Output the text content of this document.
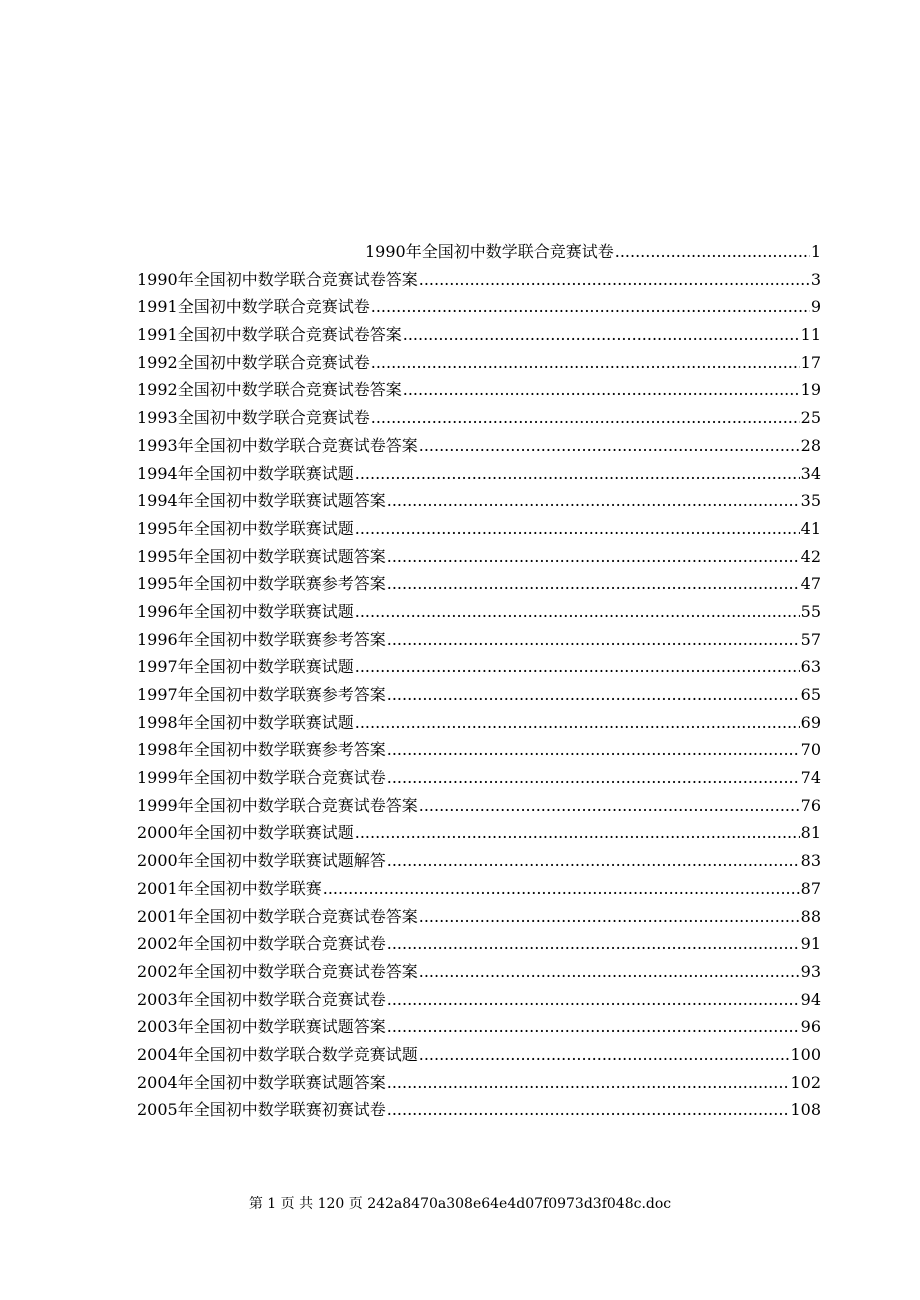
1990年全国初中数学联合竞赛试卷 .....	1
1990年全国初中数学联合竞赛试卷答案 .....	3
1991全国初中数学联合竞赛试卷 .....	9
1991全国初中数学联合竞赛试卷答案 .....	11
1992全国初中数学联合竞赛试卷 .....	17
1992全国初中数学联合竞赛试卷答案 .....	19
1993全国初中数学联合竞赛试卷 .....	25
1993年全国初中数学联合竞赛试卷答案 .....	28
1994年全国初中数学联赛试题 .....	34
1994年全国初中数学联赛试题答案 .....	35
1995年全国初中数学联赛试题 .....	41
1995年全国初中数学联赛试题答案 .....	42
1995年全国初中数学联赛参考答案 .....	47
1996年全国初中数学联赛试题 .....	55
1996年全国初中数学联赛参考答案 .....	57
1997年全国初中数学联赛试题 .....	63
1997年全国初中数学联赛参考答案 .....	65
1998年全国初中数学联赛试题 .....	69
1998年全国初中数学联赛参考答案 .....	70
1999年全国初中数学联合竞赛试卷 .....	74
1999年全国初中数学联合竞赛试卷答案 .....	76
2000年全国初中数学联赛试题 .....	81
2000年全国初中数学联赛试题解答 .....	83
2001年全国初中数学联赛 .....	87
2001年全国初中数学联合竞赛试卷答案 .....	88
2002年全国初中数学联合竞赛试卷 .....	91
2002年全国初中数学联合竞赛试卷答案 .....	93
2003年全国初中数学联合竞赛试卷 .....	94
2003年全国初中数学联赛试题答案 .....	96
2004年全国初中数学联合数学竞赛试题 .....	100
2004年全国初中数学联赛试题答案 .....	102
2005年全国初中数学联赛初赛试卷 .....	108
第 1 页 共 120 页 242a8470a308e64e4d07f0973d3f048c.doc
